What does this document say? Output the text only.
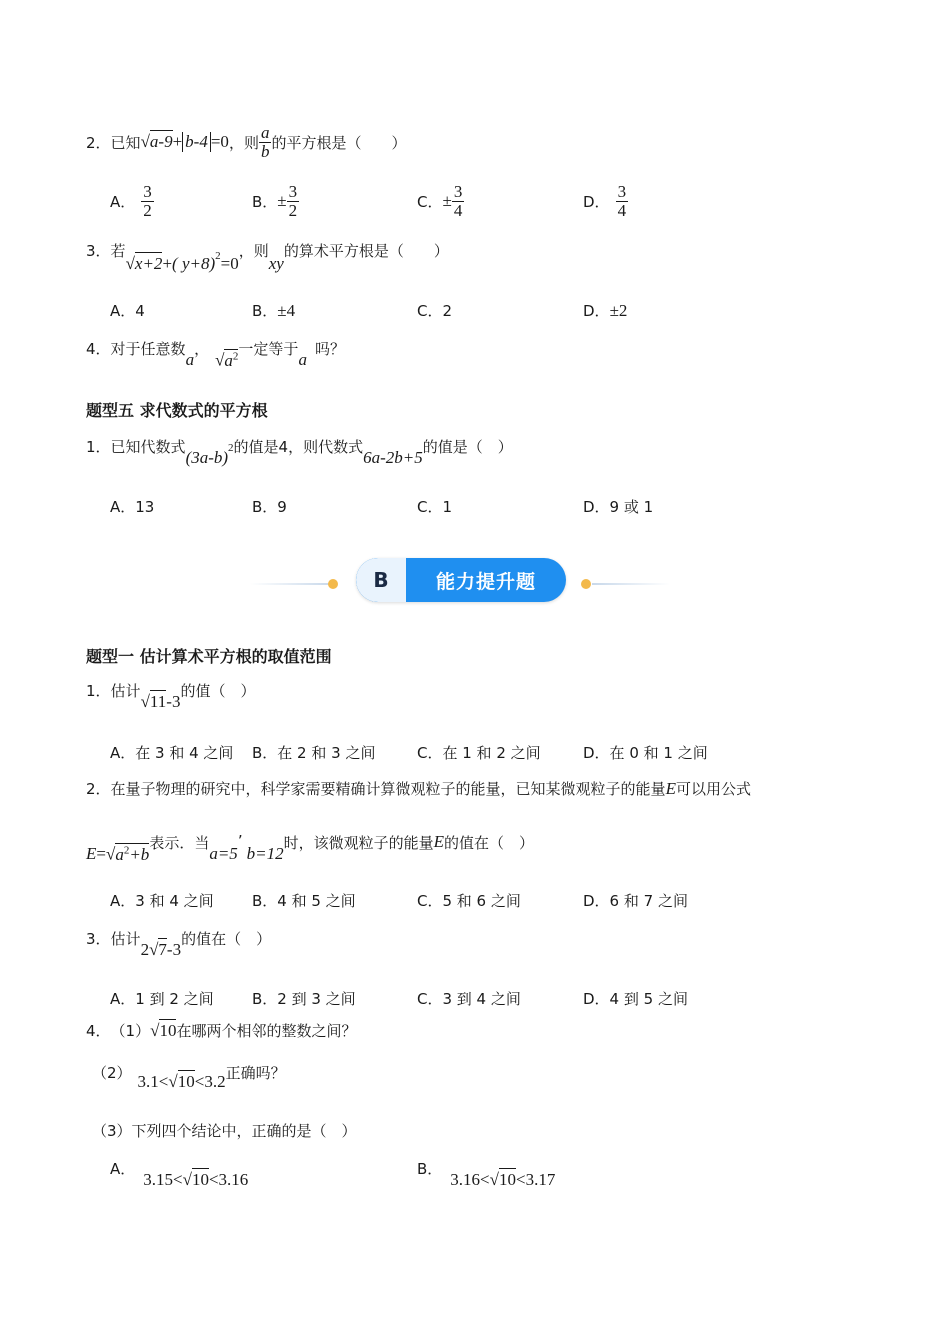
2． 已知 √a-9 + b-4 =0 ，则 $\frac{a}{b}$ 的平方根是（　　）
A． $\frac{3}{2}$	B． ± $\frac{3}{2}$	C． ± $\frac{3}{4}$	D． $\frac{3}{4}$
3． 若
√x+2 + ( y+8) 2 =0
，则
xy
的算术平方根是（　　）
A．4	B．±4	C．2	D．±2
4． 对于任意数
a
，
$√a^2$ 一定等于
a
吗？
题型五 求代数式的平方根
1． 已知代数式
(3a-b) 2 的值是4，则代数式
6a-2b+5
的值是（　）
A．13	B．9	C．1	D．9 或 1
B 能力提升题
题型一 估计算术平方根的取值范围
1． 估计
√11 -3
的值（　）
A．在 3 和 4 之间 B．在 2 和 3 之间	C．在 1 和 2 之间	D．在 0 和 1 之间
2．在量子物理的研究中，科学家需要精确计算微观粒子的能量，已知某微观粒子的能量 E 可以用公式
$E = √a^2+b$
表示．当
a=5
’
b=12
时，该微观粒子的能量 E 的值在（　）
A．3 和 4 之间	B．4 和 5 之间	C．5 和 6 之间	D．6 和 7 之间
3． 估计
2 √7 -3
的值在（　）
A．1 到 2 之间	B．2 到 3 之间	C．3 到 4 之间	D．4 到 5 之间
4． （1） √10 在哪两个相邻的整数之间？
（2） 3.1< √10 <3.2 正确吗？
（3）下列四个结论中，正确的是（　）
A．
3.15< √10 <3.16
B．
3.16< √10 <3.17
